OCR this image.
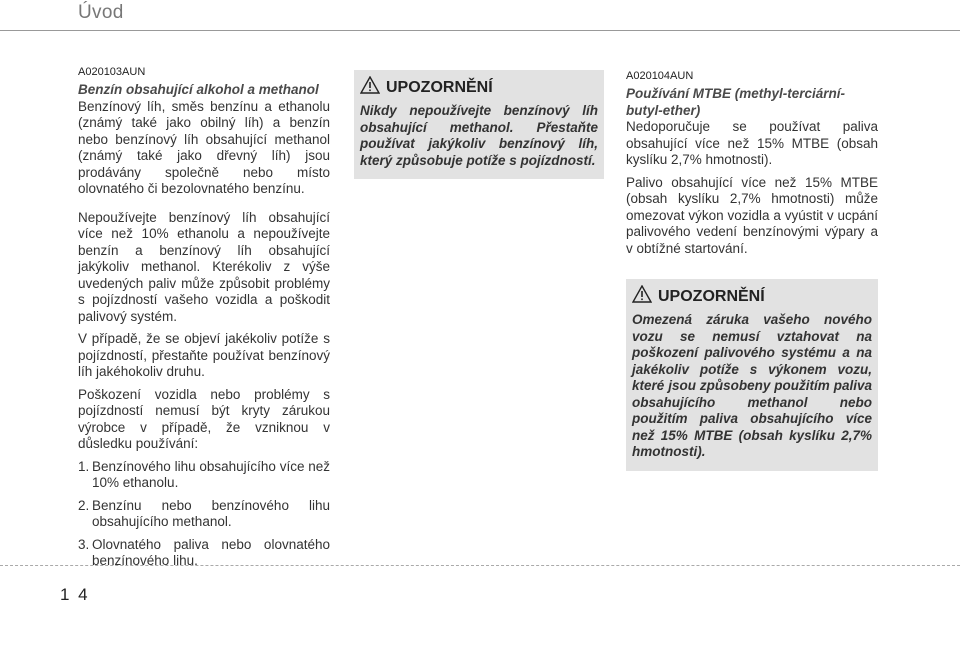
Úvod
A020103AUN

Benzín obsahující alkohol a methanol

Benzínový líh, směs benzínu a ethanolu (známý také jako obilný líh) a benzín nebo benzínový líh obsahující methanol (známý také jako dřevný líh) jsou prodávány společně nebo místo olovnatého či bezolovnatého benzínu.

Nepoužívejte benzínový líh obsahující více než 10% ethanolu a nepoužívejte benzín a benzínový líh obsahující jakýkoliv methanol. Kterékoliv z výše uvedených paliv může způsobit problémy s pojízdností vašeho vozidla a poškodit palivový systém.

V případě, že se objeví jakékoliv potíže s pojízdností, přestaňte používat benzínový líh jakéhokoliv druhu.

Poškození vozidla nebo problémy s pojízdností nemusí být kryty zárukou výrobce v případě, že vzniknou v důsledku používání:

1. Benzínového lihu obsahujícího více než 10% ethanolu.
2. Benzínu nebo benzínového lihu obsahujícího methanol.
3. Olovnatého paliva nebo olovnatého benzínového lihu.
UPOZORNĚNÍ

Nikdy nepoužívejte benzínový líh obsahující methanol. Přestaňte používat jakýkoliv benzínový líh, který způsobuje potíže s pojízdností.

A020104AUN

Používání MTBE (methyl-terciární-butyl-ether)

Nedoporučuje se používat paliva obsahující více než 15% MTBE (obsah kyslíku 2,7% hmotnosti).

Palivo obsahující více než 15% MTBE (obsah kyslíku 2,7% hmotnosti) může omezovat výkon vozidla a vyústit v ucpání palivového vedení benzínovými výpary a v obtížné startování.

UPOZORNĚNÍ

Omezená záruka vašeho nového vozu se nemusí vztahovat na poškození palivového systému a na jakékoliv potíže s výkonem vozu, které jsou způsobeny použitím paliva obsahujícího methanol nebo použitím paliva obsahujícího více než 15% MTBE (obsah kyslíku 2,7% hmotnosti).

1 4
